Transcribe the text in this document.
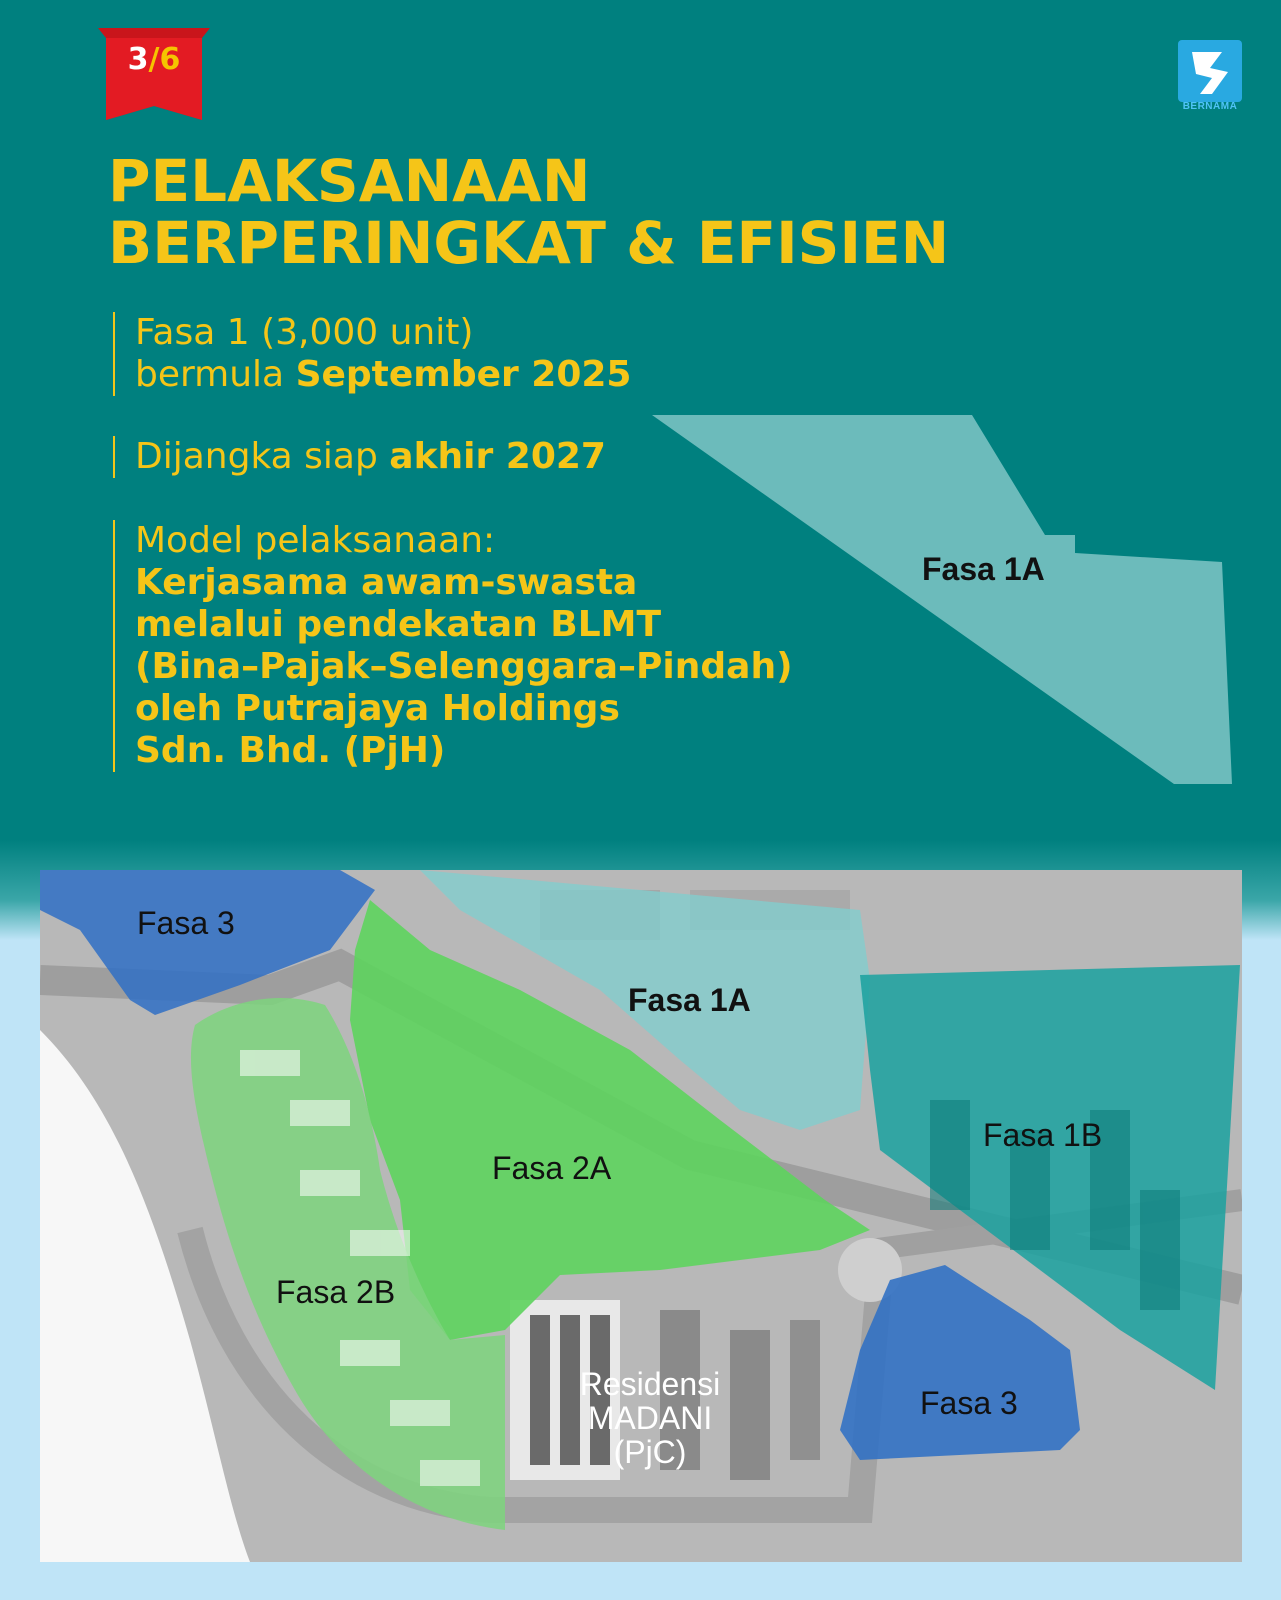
3/6
BERNAMA
PELAKSANAAN
BERPERINGKAT & EFISIEN
Fasa 1 (3,000 unit)
bermula September 2025
Dijangka siap akhir 2027
Model pelaksanaan:
Kerjasama awam-swasta
melalui pendekatan BLMT
(Bina–Pajak–Selenggara–Pindah)
oleh Putrajaya Holdings
Sdn. Bhd. (PjH)
Fasa 1A
Fasa 3
Fasa 1A
Fasa 2A
Fasa 2B
Fasa 1B
Fasa 3
Residensi
MADANI
(PjC)
